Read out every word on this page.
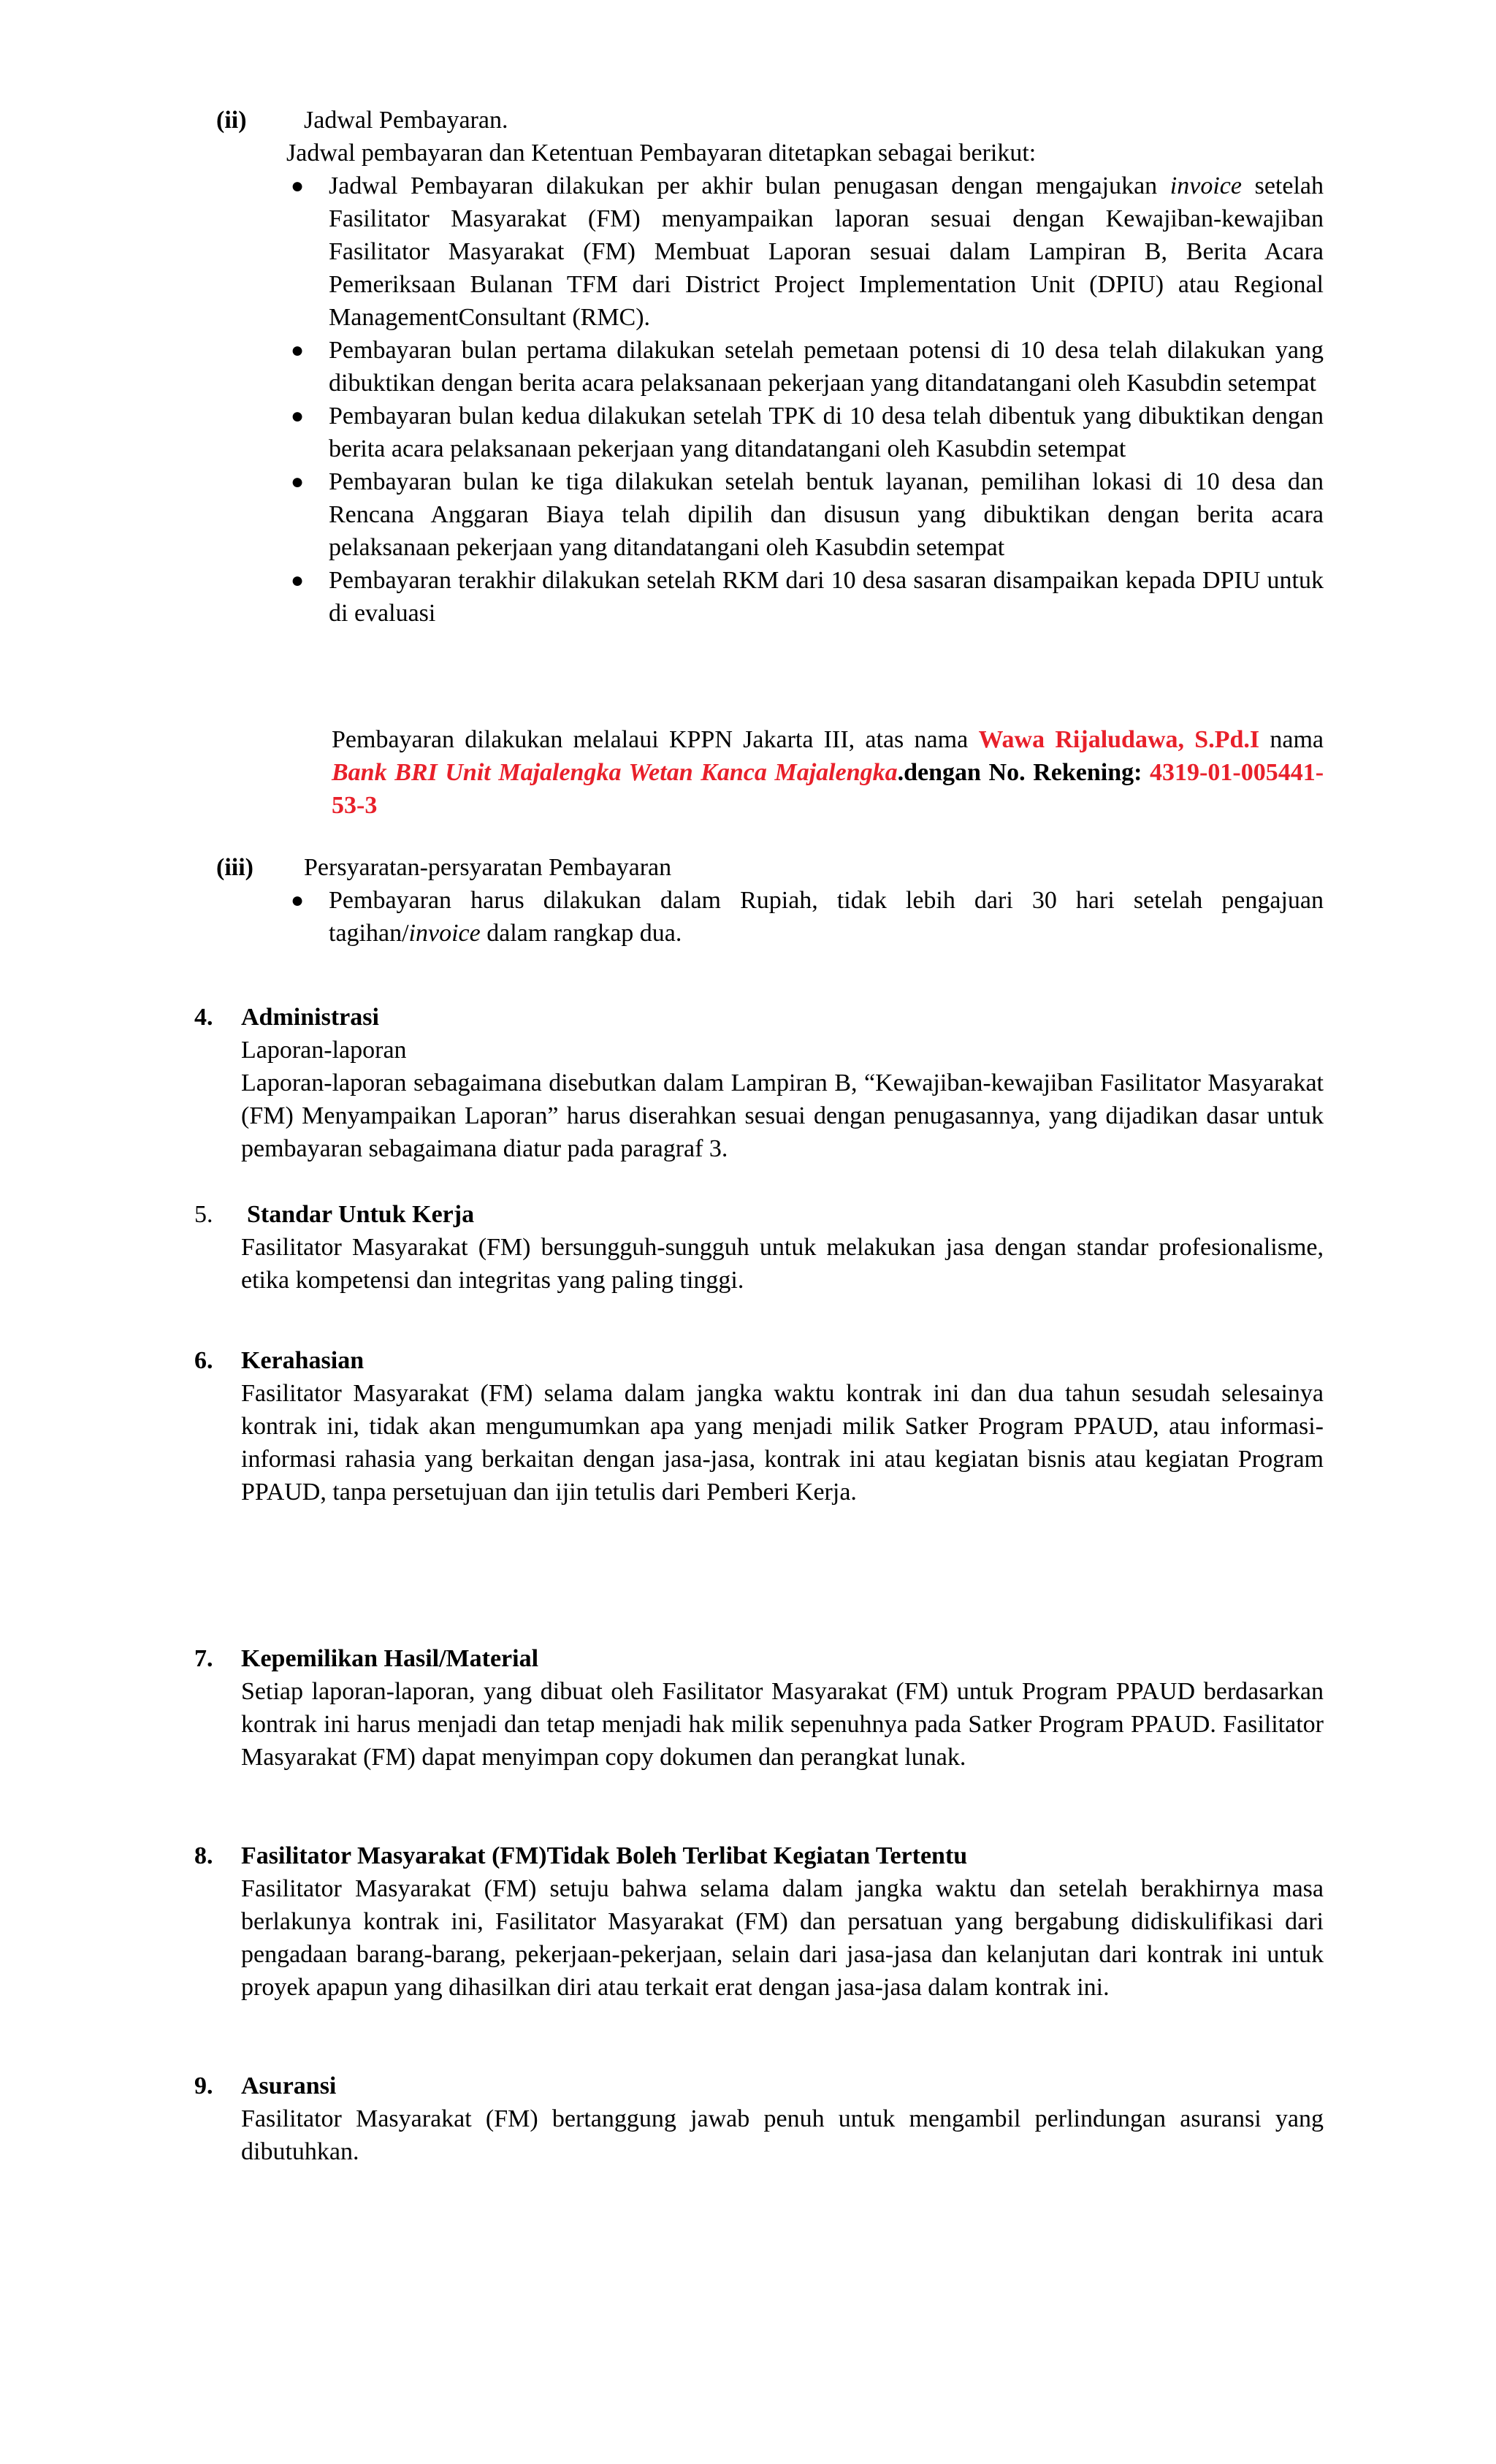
(ii) Jadwal Pembayaran.
Jadwal pembayaran dan Ketentuan Pembayaran ditetapkan sebagai berikut:
● Jadwal Pembayaran dilakukan per akhir bulan penugasan dengan mengajukan invoice setelah Fasilitator Masyarakat (FM) menyampaikan laporan sesuai dengan Kewajiban-kewajiban Fasilitator Masyarakat (FM) Membuat Laporan sesuai dalam Lampiran B, Berita Acara Pemeriksaan Bulanan TFM dari District Project Implementation Unit (DPIU) atau Regional ManagementConsultant (RMC).
● Pembayaran bulan pertama dilakukan setelah pemetaan potensi di 10 desa telah dilakukan yang dibuktikan dengan berita acara pelaksanaan pekerjaan yang ditandatangani oleh Kasubdin setempat
● Pembayaran bulan kedua dilakukan setelah TPK di 10 desa telah dibentuk yang dibuktikan dengan berita acara pelaksanaan pekerjaan yang ditandatangani oleh Kasubdin setempat
● Pembayaran bulan ke tiga dilakukan setelah bentuk layanan, pemilihan lokasi di 10 desa dan Rencana Anggaran Biaya telah dipilih dan disusun yang dibuktikan dengan berita acara pelaksanaan pekerjaan yang ditandatangani oleh Kasubdin setempat
● Pembayaran terakhir dilakukan setelah RKM dari 10 desa sasaran disampaikan kepada DPIU untuk di evaluasi
Pembayaran dilakukan melalaui KPPN Jakarta III, atas nama Wawa Rijaludawa, S.Pd.I nama Bank BRI Unit Majalengka Wetan Kanca Majalengka.dengan No. Rekening: 4319-01-005441-53-3
(iii) Persyaratan-persyaratan Pembayaran
● Pembayaran harus dilakukan dalam Rupiah, tidak lebih dari 30 hari setelah pengajuan tagihan/invoice dalam rangkap dua.
4. Administrasi

Laporan-laporan

Laporan-laporan sebagaimana disebutkan dalam Lampiran B, “Kewajiban-kewajiban Fasilitator Masyarakat (FM) Menyampaikan Laporan” harus diserahkan sesuai dengan penugasannya, yang dijadikan dasar untuk pembayaran sebagaimana diatur pada paragraf 3.

5. Standar Untuk Kerja

Fasilitator Masyarakat (FM) bersungguh-sungguh untuk melakukan jasa dengan standar profesionalisme, etika kompetensi dan integritas yang paling tinggi.

6. Kerahasian

Fasilitator Masyarakat (FM) selama dalam jangka waktu kontrak ini dan dua tahun sesudah selesainya kontrak ini, tidak akan mengumumkan apa yang menjadi milik Satker Program PPAUD, atau informasi-informasi rahasia yang berkaitan dengan jasa-jasa, kontrak ini atau kegiatan bisnis atau kegiatan Program PPAUD, tanpa persetujuan dan ijin tetulis dari Pemberi Kerja.

7. Kepemilikan Hasil/Material

Setiap laporan-laporan, yang dibuat oleh Fasilitator Masyarakat (FM) untuk Program PPAUD berdasarkan kontrak ini harus menjadi dan tetap menjadi hak milik sepenuhnya pada Satker Program PPAUD. Fasilitator Masyarakat (FM) dapat menyimpan copy dokumen dan perangkat lunak.

8. Fasilitator Masyarakat (FM)Tidak Boleh Terlibat Kegiatan Tertentu

Fasilitator Masyarakat (FM) setuju bahwa selama dalam jangka waktu dan setelah berakhirnya masa berlakunya kontrak ini, Fasilitator Masyarakat (FM) dan persatuan yang bergabung didiskulifikasi dari pengadaan barang-barang, pekerjaan-pekerjaan, selain dari jasa-jasa dan kelanjutan dari kontrak ini untuk proyek apapun yang dihasilkan diri atau terkait erat dengan jasa-jasa dalam kontrak ini.

9. Asuransi

Fasilitator Masyarakat (FM) bertanggung jawab penuh untuk mengambil perlindungan asuransi yang dibutuhkan.
